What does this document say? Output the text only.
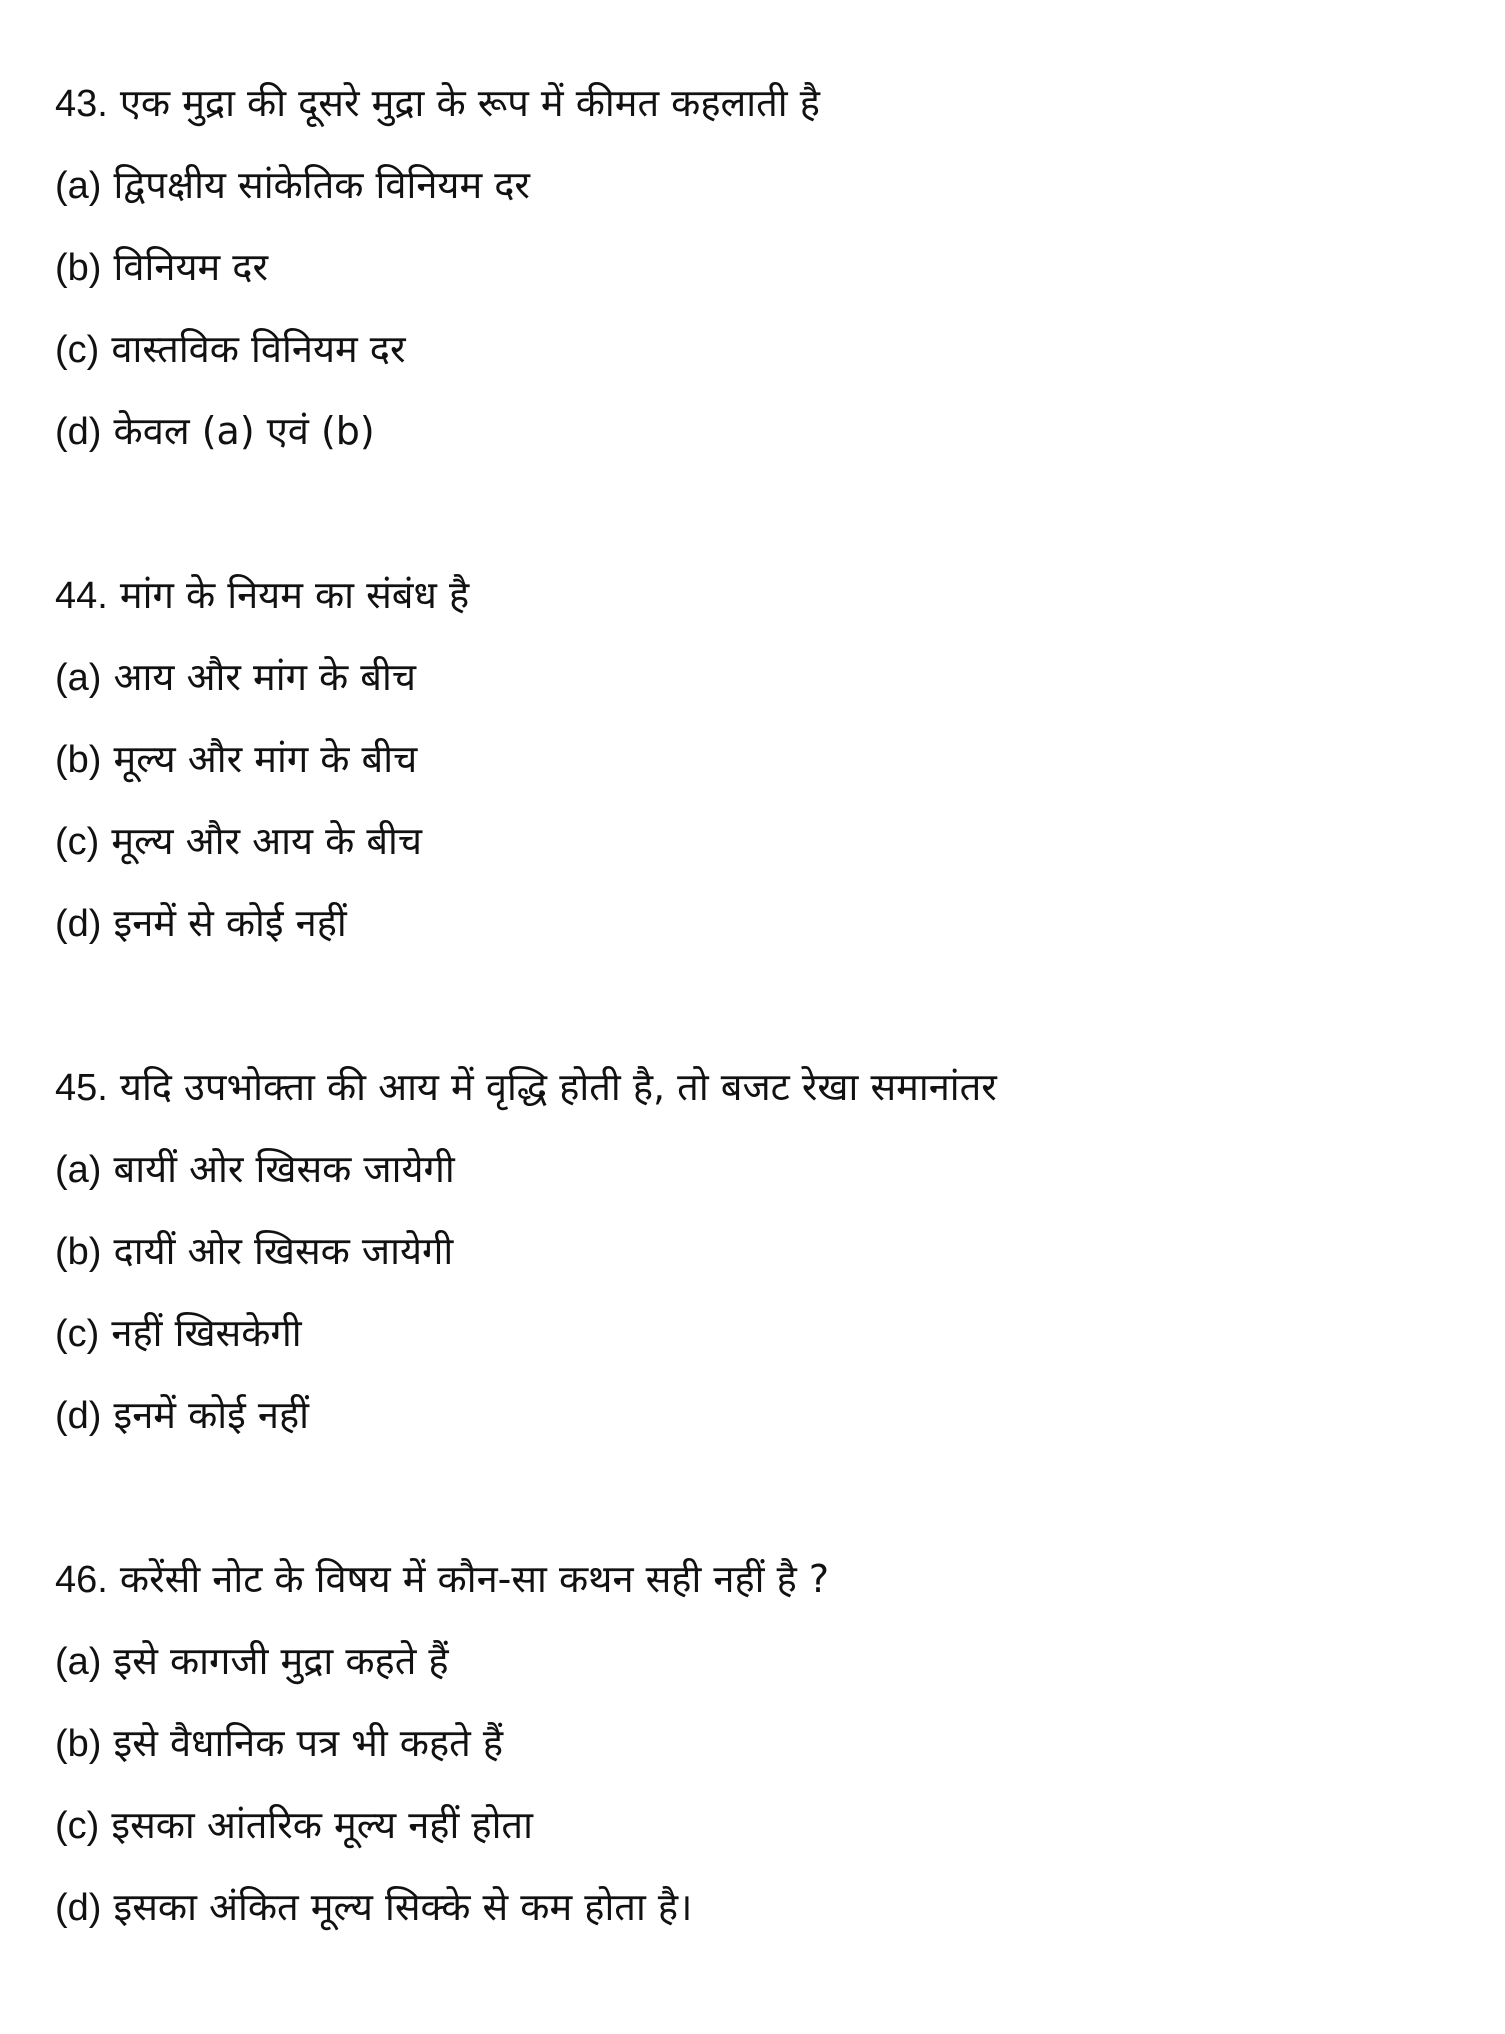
43. एक मुद्रा की दूसरे मुद्रा के रूप में कीमत कहलाती है
(a) द्विपक्षीय सांकेतिक विनियम दर
(b) विनियम दर
(c) वास्तविक विनियम दर
(d) केवल (a) एवं (b)
44. मांग के नियम का संबंध है
(a) आय और मांग के बीच
(b) मूल्य और मांग के बीच
(c) मूल्य और आय के बीच
(d) इनमें से कोई नहीं
45. यदि उपभोक्ता की आय में वृद्धि होती है, तो बजट रेखा समानांतर
(a) बायीं ओर खिसक जायेगी
(b) दायीं ओर खिसक जायेगी
(c) नहीं खिसकेगी
(d) इनमें कोई नहीं
46. करेंसी नोट के विषय में कौन-सा कथन सही नहीं है ?
(a) इसे कागजी मुद्रा कहते हैं
(b) इसे वैधानिक पत्र भी कहते हैं
(c) इसका आंतरिक मूल्य नहीं होता
(d) इसका अंकित मूल्य सिक्के से कम होता है।
